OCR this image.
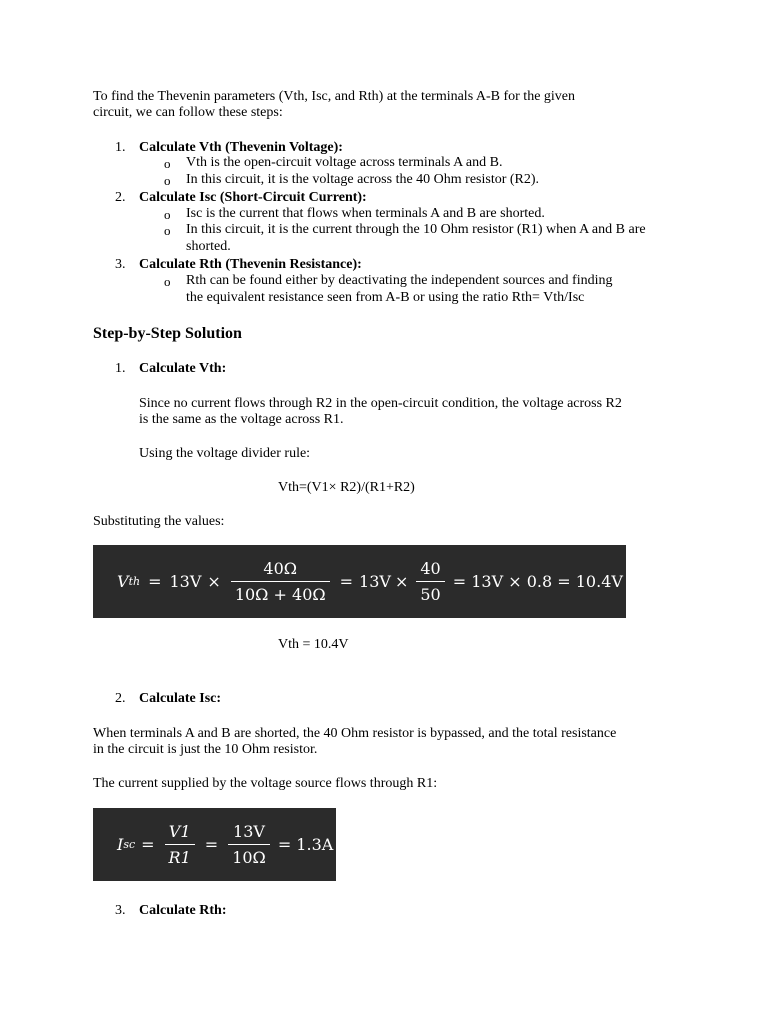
To find the Thevenin parameters (Vth, Isc, and Rth) at the terminals A-B for the given
circuit, we can follow these steps:
1. Calculate Vth (Thevenin Voltage):
o Vth is the open-circuit voltage across terminals A and B.
o In this circuit, it is the voltage across the 40 Ohm resistor (R2).
2. Calculate Isc (Short-Circuit Current):
o Isc is the current that flows when terminals A and B are shorted.
o In this circuit, it is the current through the 10 Ohm resistor (R1) when A and B are shorted.
3. Calculate Rth (Thevenin Resistance):
o Rth can be found either by deactivating the independent sources and finding
the equivalent resistance seen from A-B or using the ratio Rth= Vth/Isc
Step-by-Step Solution
1. Calculate Vth:
Since no current flows through R2 in the open-circuit condition, the voltage across R2
is the same as the voltage across R1.
Using the voltage divider rule:
Vth=(V1× R2)/(R1+R2)
Substituting the values:
V th = $13V \times \frac{40\Omega}{10\Omega + 40\Omega} = 13V \times \frac{40}{50} = 13V \times 0.8 = 10.4V$
Vth = 10.4V
2. Calculate Isc:
When terminals A and B are shorted, the 40 Ohm resistor is bypassed, and the total resistance
in the circuit is just the 10 Ohm resistor.
The current supplied by the voltage source flows through R1:
I sc = $\frac{V1}{R1} = \frac{13V}{10\Omega} = 1.3A$
3. Calculate Rth:
